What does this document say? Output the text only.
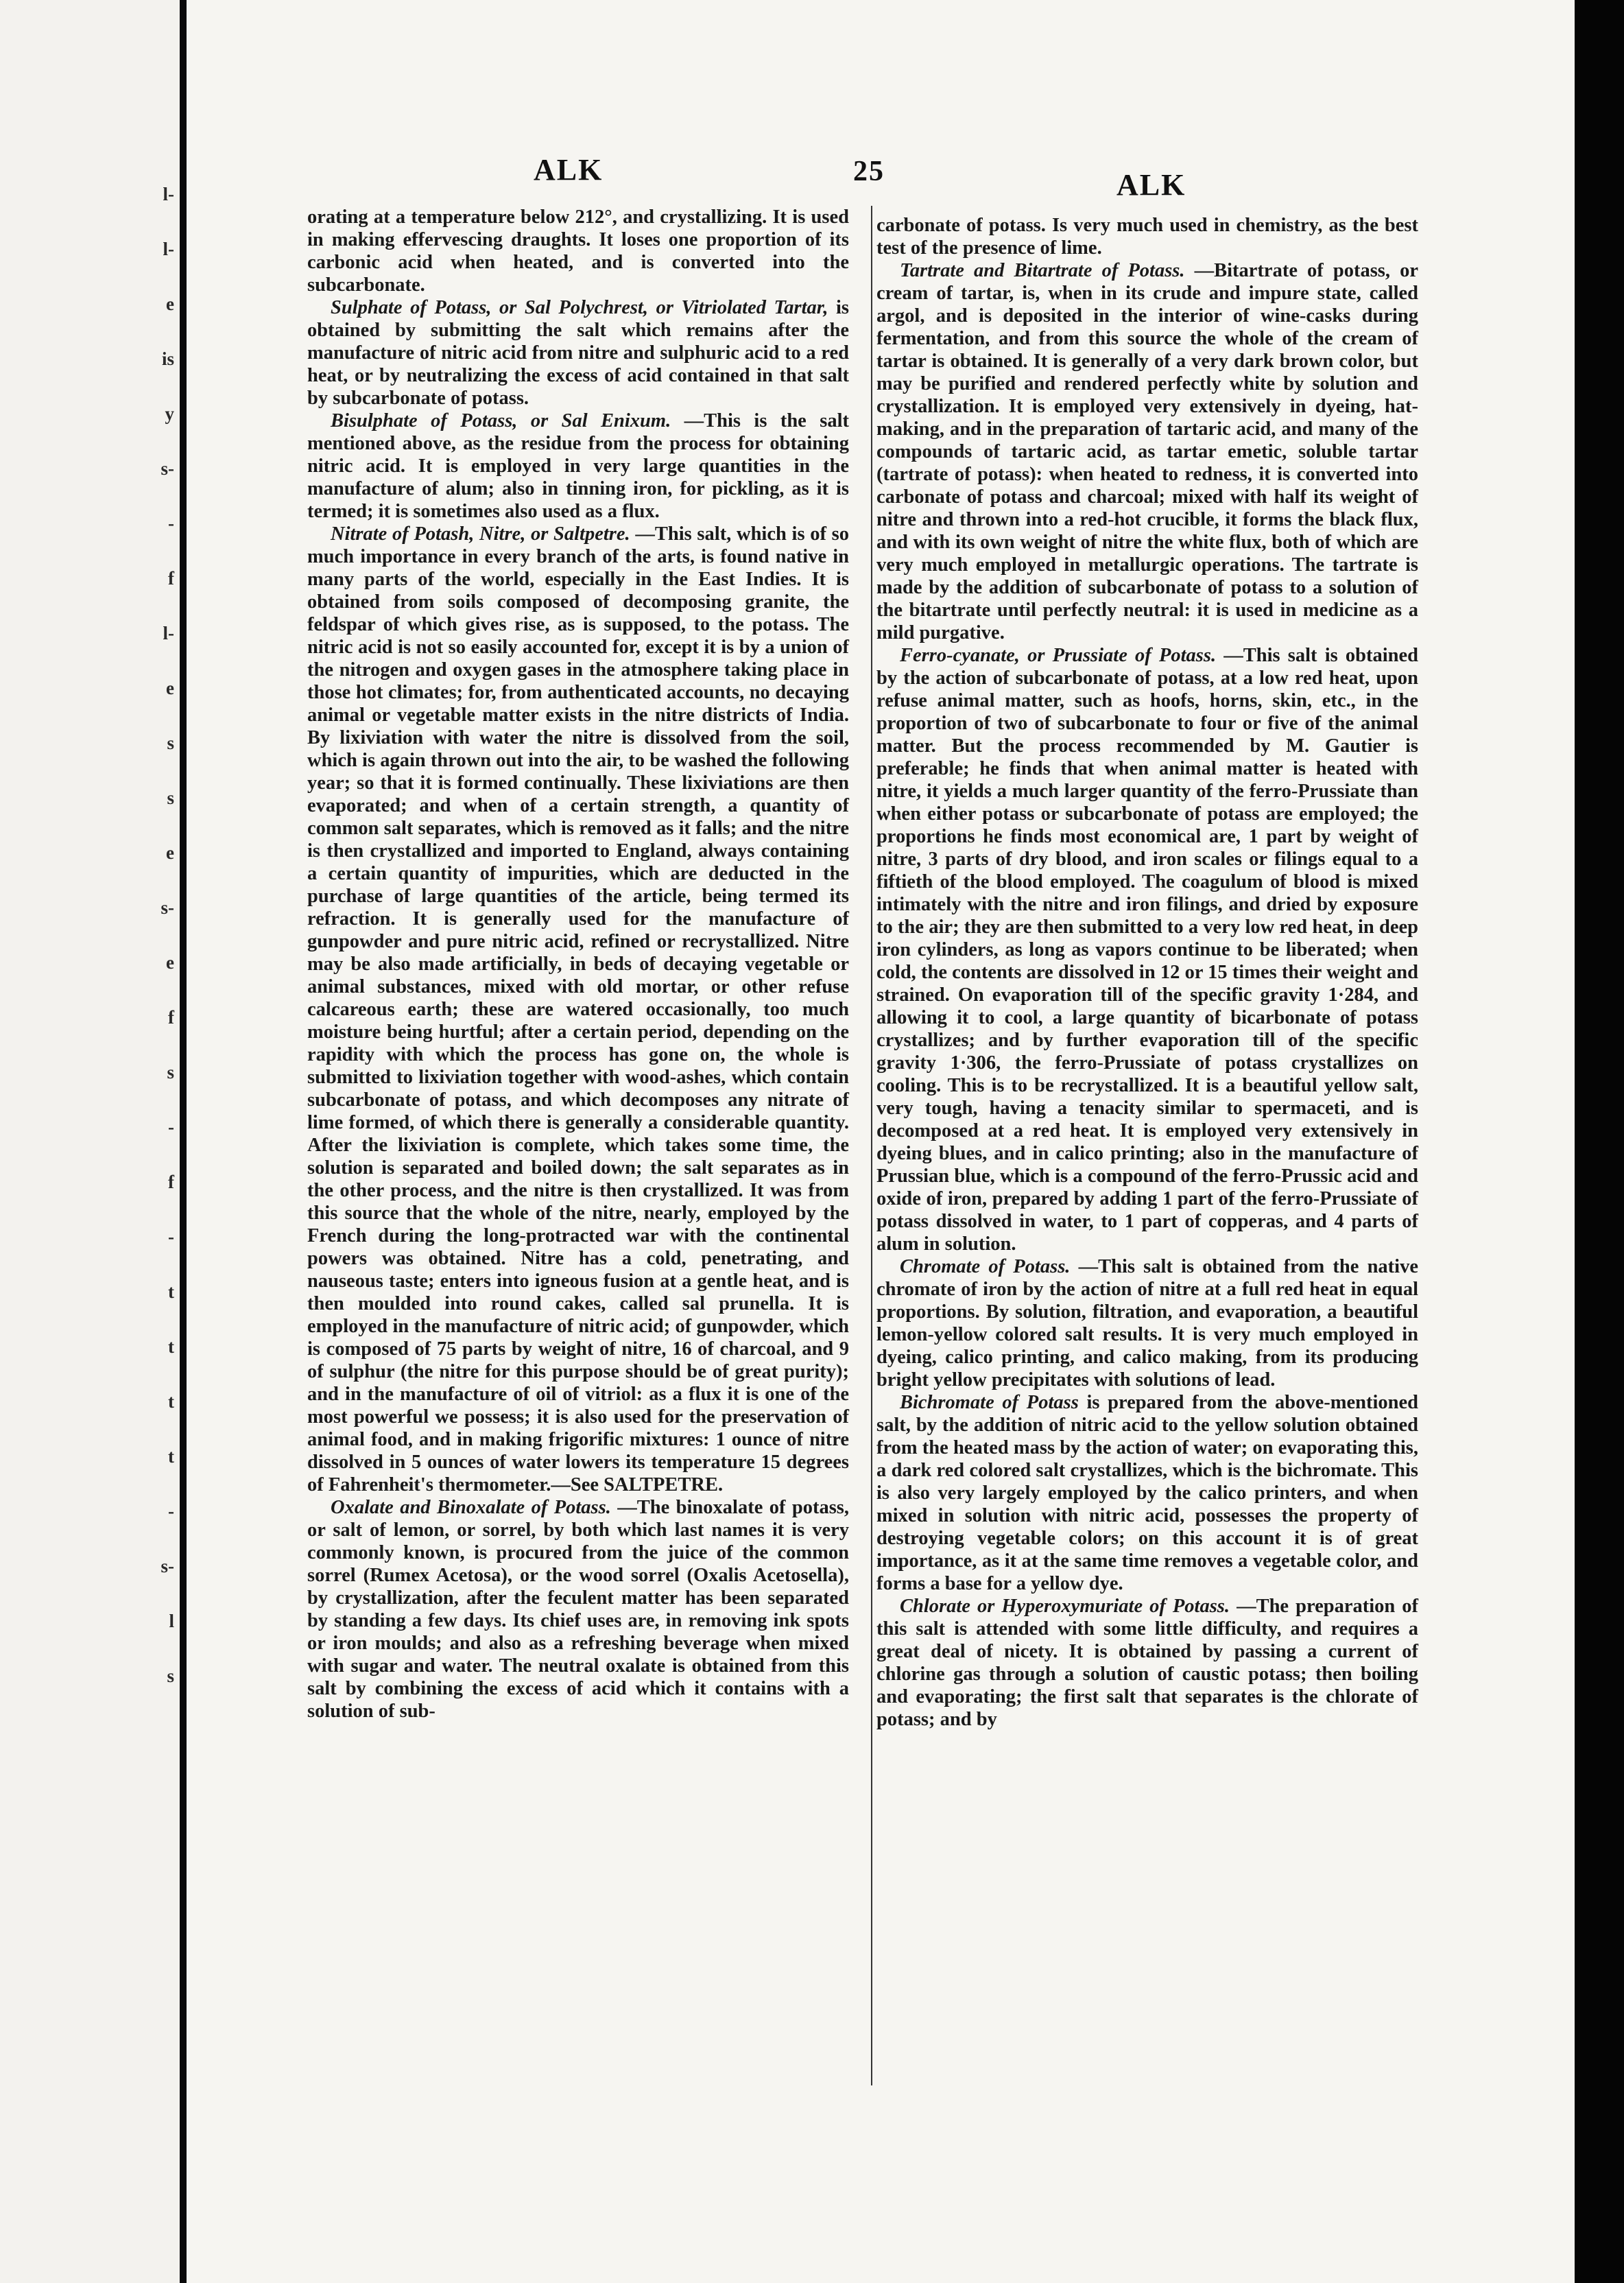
l-
l-
e
is
y
s-
-
f
l-
e
s
s
e
s-
e
f
s
-
f
-
t
t
t
t
-
s-
l
s
ALK	25	ALK

orating at a temperature below 212°, and crystallizing. It is used in making effervescing draughts. It loses one proportion of its carbonic acid when heated, and is converted into the subcarbonate.

Sulphate of Potass, or Sal Polychrest, or Vitriolated Tartar, is obtained by submitting the salt which remains after the manufacture of nitric acid from nitre and sulphuric acid to a red heat, or by neutralizing the excess of acid contained in that salt by subcarbonate of potass.

Bisulphate of Potass, or Sal Enixum. —This is the salt mentioned above, as the residue from the process for obtaining nitric acid. It is employed in very large quantities in the manufacture of alum; also in tinning iron, for pickling, as it is termed; it is sometimes also used as a flux.

Nitrate of Potash, Nitre, or Saltpetre. —This salt, which is of so much importance in every branch of the arts, is found native in many parts of the world, especially in the East Indies. It is obtained from soils composed of decomposing granite, the feldspar of which gives rise, as is supposed, to the potass. The nitric acid is not so easily accounted for, except it is by a union of the nitrogen and oxygen gases in the atmosphere taking place in those hot climates; for, from authenticated accounts, no decaying animal or vegetable matter exists in the nitre districts of India. By lixiviation with water the nitre is dissolved from the soil, which is again thrown out into the air, to be washed the following year; so that it is formed continually. These lixiviations are then evaporated; and when of a certain strength, a quantity of common salt separates, which is removed as it falls; and the nitre is then crystallized and imported to England, always containing a certain quantity of impurities, which are deducted in the purchase of large quantities of the article, being termed its refraction. It is generally used for the manufacture of gunpowder and pure nitric acid, refined or recrystallized. Nitre may be also made artificially, in beds of decaying vegetable or animal substances, mixed with old mortar, or other refuse calcareous earth; these are watered occasionally, too much moisture being hurtful; after a certain period, depending on the rapidity with which the process has gone on, the whole is submitted to lixiviation together with wood-ashes, which contain subcarbonate of potass, and which decomposes any nitrate of lime formed, of which there is generally a considerable quantity. After the lixiviation is complete, which takes some time, the solution is separated and boiled down; the salt separates as in the other process, and the nitre is then crystallized. It was from this source that the whole of the nitre, nearly, employed by the French during the long-protracted war with the continental powers was obtained. Nitre has a cold, penetrating, and nauseous taste; enters into igneous fusion at a gentle heat, and is then moulded into round cakes, called sal prunella. It is employed in the manufacture of nitric acid; of gunpowder, which is composed of 75 parts by weight of nitre, 16 of charcoal, and 9 of sulphur (the nitre for this purpose should be of great purity); and in the manufacture of oil of vitriol: as a flux it is one of the most powerful we possess; it is also used for the preservation of animal food, and in making frigorific mixtures: 1 ounce of nitre dissolved in 5 ounces of water lowers its temperature 15 degrees of Fahrenheit's thermometer.—See SALTPETRE.

Oxalate and Binoxalate of Potass. —The binoxalate of potass, or salt of lemon, or sorrel, by both which last names it is very commonly known, is procured from the juice of the common sorrel (Rumex Acetosa), or the wood sorrel (Oxalis Acetosella), by crystallization, after the feculent matter has been separated by standing a few days. Its chief uses are, in removing ink spots or iron moulds; and also as a refreshing beverage when mixed with sugar and water. The neutral oxalate is obtained from this salt by combining the excess of acid which it contains with a solution of sub-

carbonate of potass. Is very much used in chemistry, as the best test of the presence of lime.

Tartrate and Bitartrate of Potass. —Bitartrate of potass, or cream of tartar, is, when in its crude and impure state, called argol, and is deposited in the interior of wine-casks during fermentation, and from this source the whole of the cream of tartar is obtained. It is generally of a very dark brown color, but may be purified and rendered perfectly white by solution and crystallization. It is employed very extensively in dyeing, hat-making, and in the preparation of tartaric acid, and many of the compounds of tartaric acid, as tartar emetic, soluble tartar (tartrate of potass): when heated to redness, it is converted into carbonate of potass and charcoal; mixed with half its weight of nitre and thrown into a red-hot crucible, it forms the black flux, and with its own weight of nitre the white flux, both of which are very much employed in metallurgic operations. The tartrate is made by the addition of subcarbonate of potass to a solution of the bitartrate until perfectly neutral: it is used in medicine as a mild purgative.

Ferro-cyanate, or Prussiate of Potass. —This salt is obtained by the action of subcarbonate of potass, at a low red heat, upon refuse animal matter, such as hoofs, horns, skin, etc., in the proportion of two of subcarbonate to four or five of the animal matter. But the process recommended by M. Gautier is preferable; he finds that when animal matter is heated with nitre, it yields a much larger quantity of the ferro-Prussiate than when either potass or subcarbonate of potass are employed; the proportions he finds most economical are, 1 part by weight of nitre, 3 parts of dry blood, and iron scales or filings equal to a fiftieth of the blood employed. The coagulum of blood is mixed intimately with the nitre and iron filings, and dried by exposure to the air; they are then submitted to a very low red heat, in deep iron cylinders, as long as vapors continue to be liberated; when cold, the contents are dissolved in 12 or 15 times their weight and strained. On evaporation till of the specific gravity 1·284, and allowing it to cool, a large quantity of bicarbonate of potass crystallizes; and by further evaporation till of the specific gravity 1·306, the ferro-Prussiate of potass crystallizes on cooling. This is to be recrystallized. It is a beautiful yellow salt, very tough, having a tenacity similar to spermaceti, and is decomposed at a red heat. It is employed very extensively in dyeing blues, and in calico printing; also in the manufacture of Prussian blue, which is a compound of the ferro-Prussic acid and oxide of iron, prepared by adding 1 part of the ferro-Prussiate of potass dissolved in water, to 1 part of copperas, and 4 parts of alum in solution.

Chromate of Potass. —This salt is obtained from the native chromate of iron by the action of nitre at a full red heat in equal proportions. By solution, filtration, and evaporation, a beautiful lemon-yellow colored salt results. It is very much employed in dyeing, calico printing, and calico making, from its producing bright yellow precipitates with solutions of lead.

Bichromate of Potass is prepared from the above-mentioned salt, by the addition of nitric acid to the yellow solution obtained from the heated mass by the action of water; on evaporating this, a dark red colored salt crystallizes, which is the bichromate. This is also very largely employed by the calico printers, and when mixed in solution with nitric acid, possesses the property of destroying vegetable colors; on this account it is of great importance, as it at the same time removes a vegetable color, and forms a base for a yellow dye.

Chlorate or Hyperoxymuriate of Potass. —The preparation of this salt is attended with some little difficulty, and requires a great deal of nicety. It is obtained by passing a current of chlorine gas through a solution of caustic potass; then boiling and evaporating; the first salt that separates is the chlorate of potass; and by
